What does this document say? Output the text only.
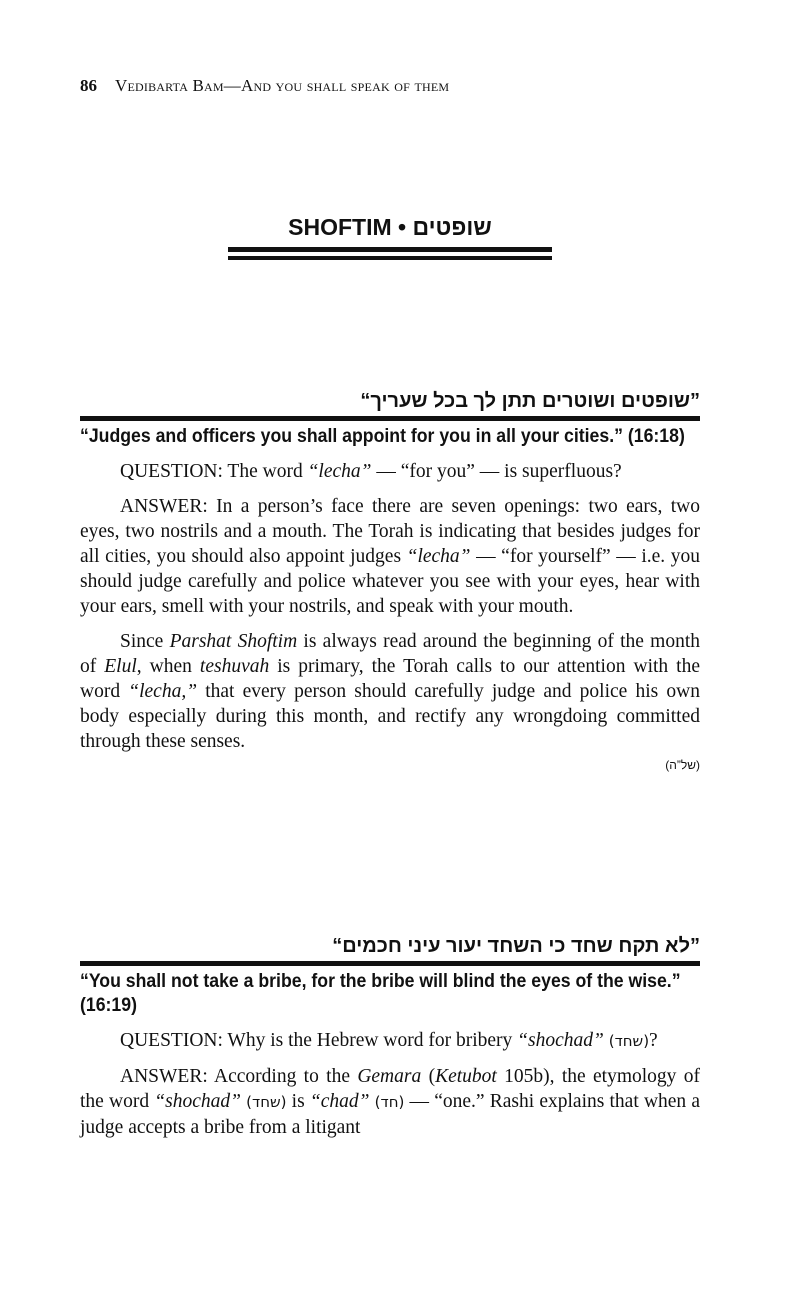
86 Vedibarta Bam—And you shall speak of them
SHOFTIM • שופטים
”שופטים ושוטרים תתן לך בכל שעריך“
“Judges and officers you shall appoint for you in all your cities.” (16:18)

QUESTION: The word “lecha” — “for you” — is superfluous?

ANSWER: In a person’s face there are seven openings: two ears, two eyes, two nostrils and a mouth. The Torah is indicating that besides judges for all cities, you should also appoint judges “lecha” — “for yourself” — i.e. you should judge carefully and police whatever you see with your eyes, hear with your ears, smell with your nostrils, and speak with your mouth.

Since Parshat Shoftim is always read around the beginning of the month of Elul, when teshuvah is primary, the Torah calls to our attention with the word “lecha,” that every person should carefully judge and police his own body especially during this month, and rectify any wrongdoing committed through these senses.

(של”ה)
”לא תקח שחד כי השחד יעור עיני חכמים“
“You shall not take a bribe, for the bribe will blind the eyes of the wise.” (16:19)

QUESTION: Why is the Hebrew word for bribery “shochad” (שחד)?

ANSWER: According to the Gemara (Ketubot 105b), the etymology of the word “shochad” (שחד) is “chad” (חד) — “one.” Rashi explains that when a judge accepts a bribe from a litigant
